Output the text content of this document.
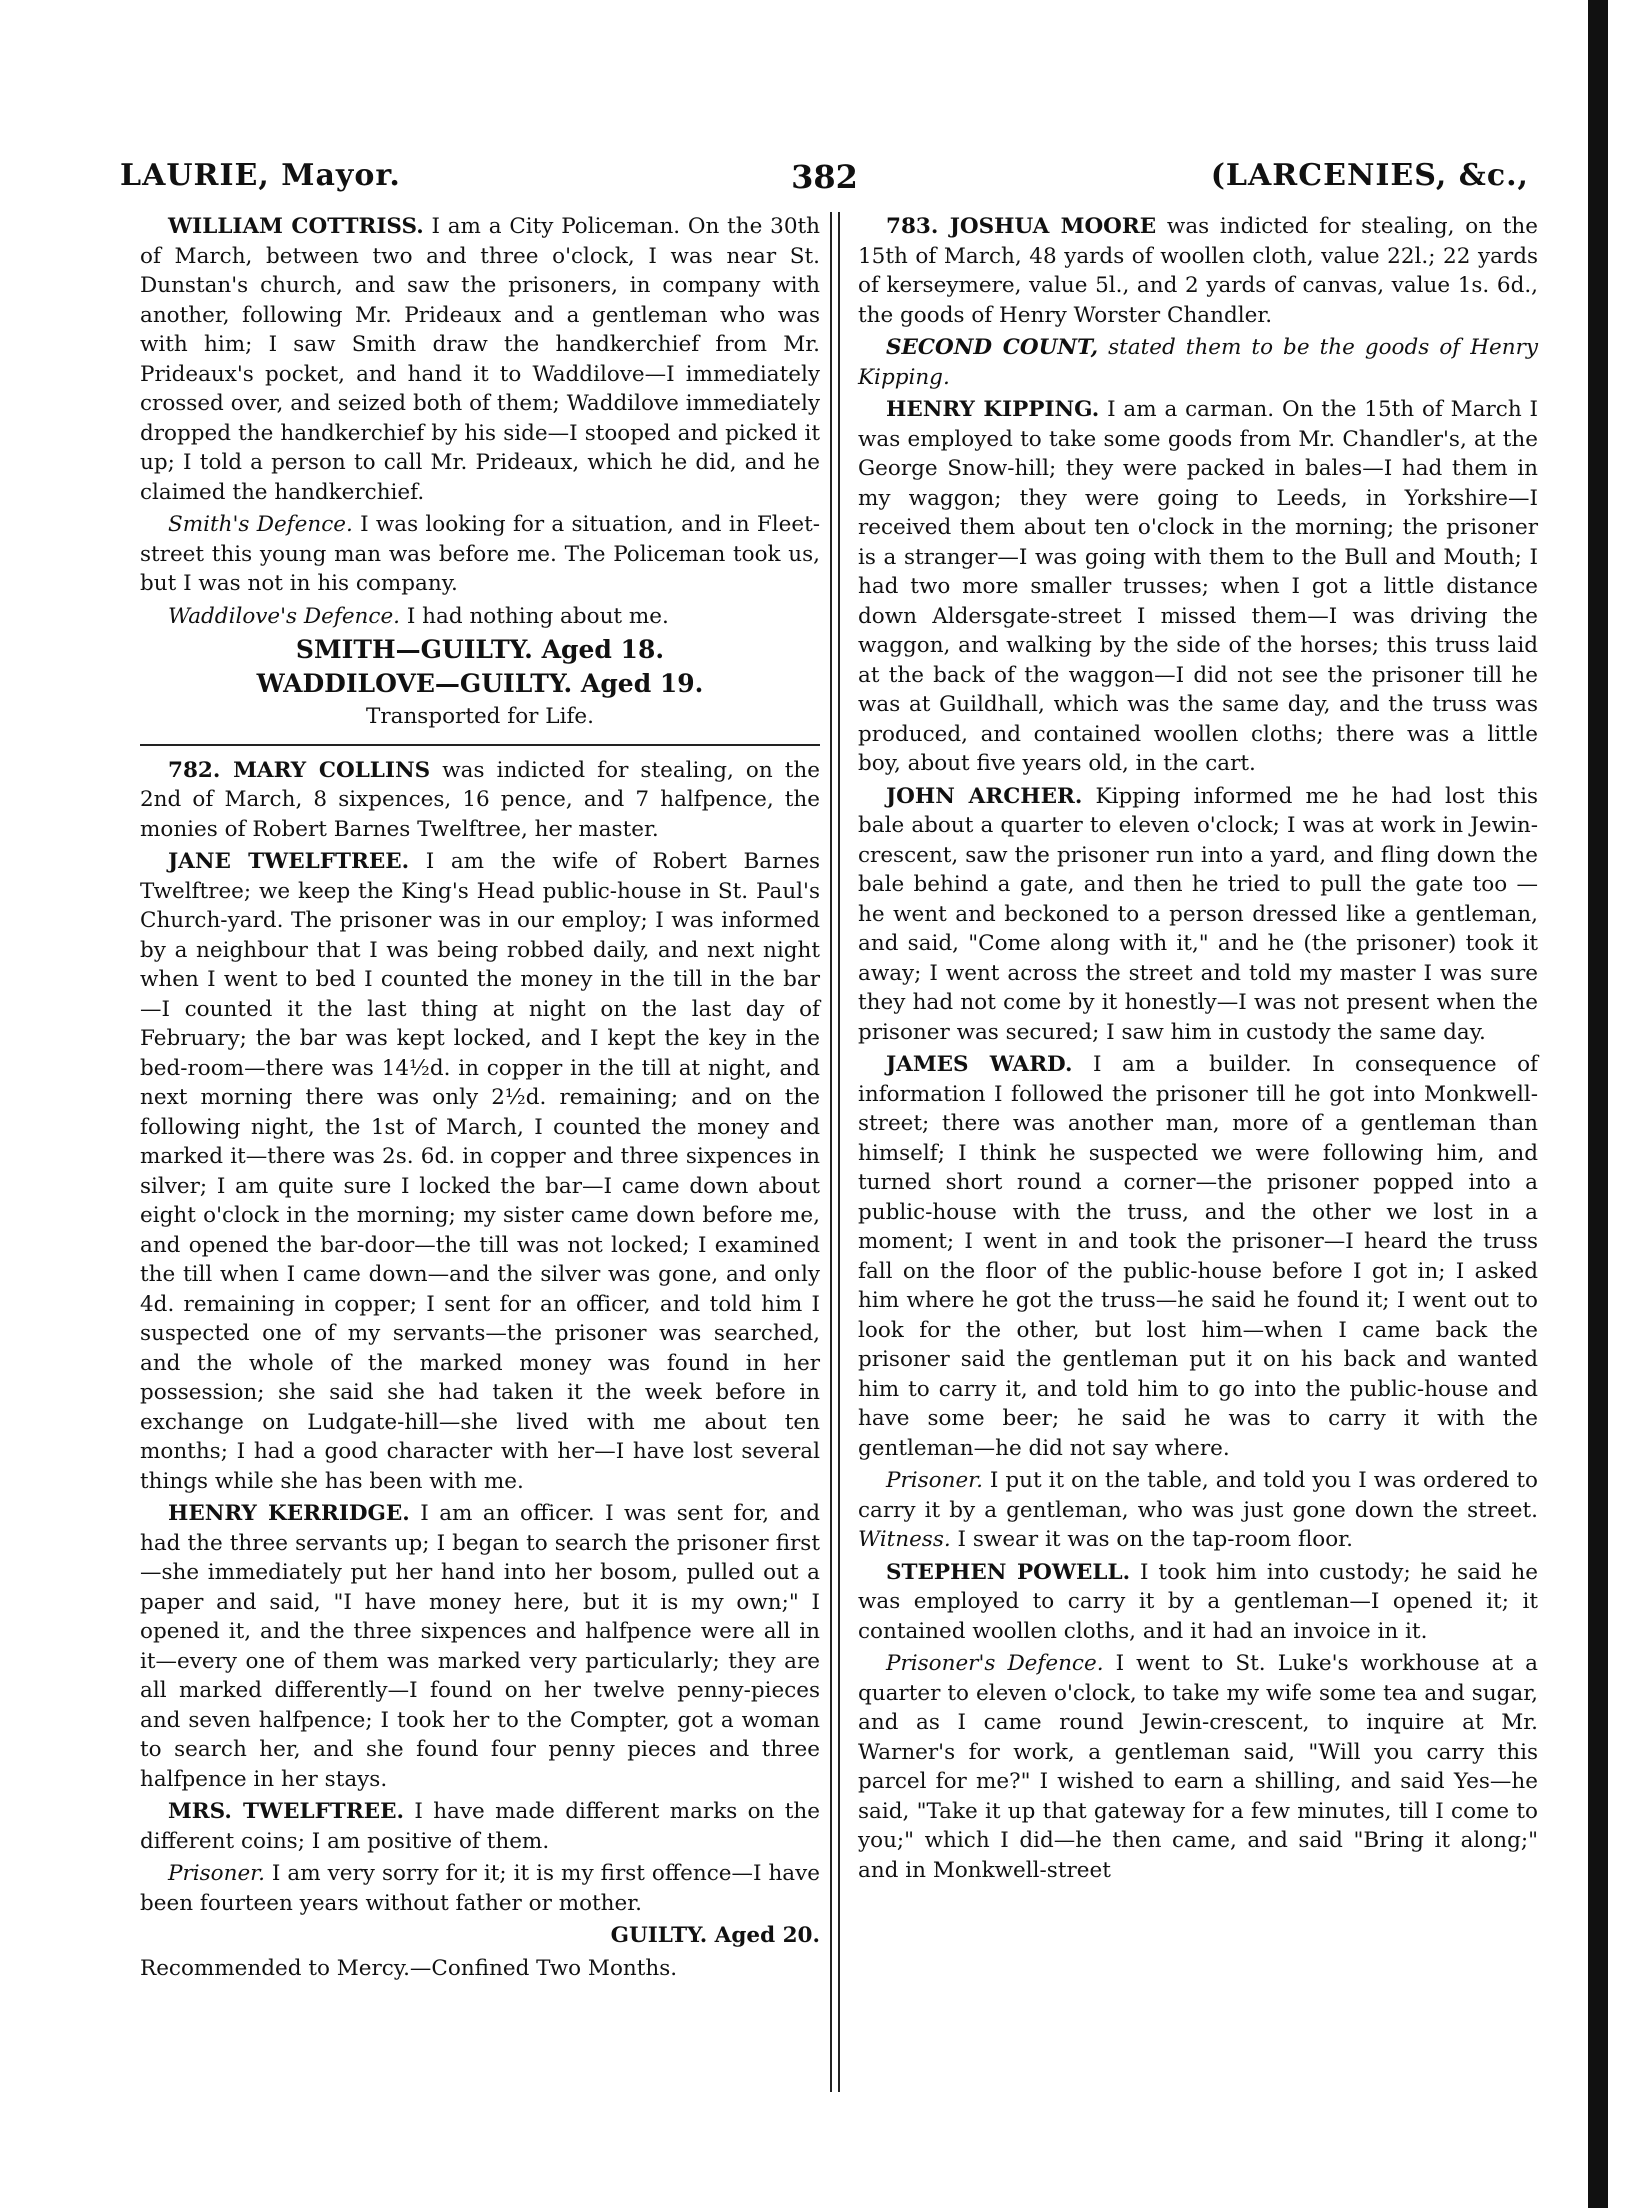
LAURIE, Mayor.	382	(LARCENIES, &c.,

WILLIAM COTTRISS. I am a City Policeman. On the 30th of March, between two and three o'clock, I was near St. Dunstan's church, and saw the prisoners, in company with another, following Mr. Prideaux and a gentleman who was with him; I saw Smith draw the handkerchief from Mr. Prideaux's pocket, and hand it to Waddilove—I immediately crossed over, and seized both of them; Waddilove immediately dropped the handkerchief by his side—I stooped and picked it up; I told a person to call Mr. Prideaux, which he did, and he claimed the handkerchief.

Smith's Defence. I was looking for a situation, and in Fleet-street this young man was before me. The Policeman took us, but I was not in his company.

Waddilove's Defence. I had nothing about me.

SMITH—GUILTY. Aged 18.

WADDILOVE—GUILTY. Aged 19.

Transported for Life.

782. MARY COLLINS was indicted for stealing, on the 2nd of March, 8 sixpences, 16 pence, and 7 halfpence, the monies of Robert Barnes Twelftree, her master.

JANE TWELFTREE. I am the wife of Robert Barnes Twelftree; we keep the King's Head public-house in St. Paul's Church-yard. The prisoner was in our employ; I was informed by a neighbour that I was being robbed daily, and next night when I went to bed I counted the money in the till in the bar—I counted it the last thing at night on the last day of February; the bar was kept locked, and I kept the key in the bed-room—there was 14½d. in copper in the till at night, and next morning there was only 2½d. remaining; and on the following night, the 1st of March, I counted the money and marked it—there was 2s. 6d. in copper and three sixpences in silver; I am quite sure I locked the bar—I came down about eight o'clock in the morning; my sister came down before me, and opened the bar-door—the till was not locked; I examined the till when I came down—and the silver was gone, and only 4d. remaining in copper; I sent for an officer, and told him I suspected one of my servants—the prisoner was searched, and the whole of the marked money was found in her possession; she said she had taken it the week before in exchange on Ludgate-hill—she lived with me about ten months; I had a good character with her—I have lost several things while she has been with me.

HENRY KERRIDGE. I am an officer. I was sent for, and had the three servants up; I began to search the prisoner first—she immediately put her hand into her bosom, pulled out a paper and said, "I have money here, but it is my own;" I opened it, and the three sixpences and halfpence were all in it—every one of them was marked very particularly; they are all marked differently—I found on her twelve penny-pieces and seven halfpence; I took her to the Compter, got a woman to search her, and she found four penny pieces and three halfpence in her stays.

MRS. TWELFTREE. I have made different marks on the different coins; I am positive of them.

Prisoner. I am very sorry for it; it is my first offence—I have been fourteen years without father or mother.

GUILTY. Aged 20.

Recommended to Mercy.—Confined Two Months.

783. JOSHUA MOORE was indicted for stealing, on the 15th of March, 48 yards of woollen cloth, value 22l.; 22 yards of kerseymere, value 5l., and 2 yards of canvas, value 1s. 6d., the goods of Henry Worster Chandler.

SECOND COUNT, stated them to be the goods of Henry Kipping.

HENRY KIPPING. I am a carman. On the 15th of March I was employed to take some goods from Mr. Chandler's, at the George Snow-hill; they were packed in bales—I had them in my waggon; they were going to Leeds, in Yorkshire—I received them about ten o'clock in the morning; the prisoner is a stranger—I was going with them to the Bull and Mouth; I had two more smaller trusses; when I got a little distance down Aldersgate-street I missed them—I was driving the waggon, and walking by the side of the horses; this truss laid at the back of the waggon—I did not see the prisoner till he was at Guildhall, which was the same day, and the truss was produced, and contained woollen cloths; there was a little boy, about five years old, in the cart.

JOHN ARCHER. Kipping informed me he had lost this bale about a quarter to eleven o'clock; I was at work in Jewin-crescent, saw the prisoner run into a yard, and fling down the bale behind a gate, and then he tried to pull the gate too — he went and beckoned to a person dressed like a gentleman, and said, "Come along with it," and he (the prisoner) took it away; I went across the street and told my master I was sure they had not come by it honestly—I was not present when the prisoner was secured; I saw him in custody the same day.

JAMES WARD. I am a builder. In consequence of information I followed the prisoner till he got into Monkwell-street; there was another man, more of a gentleman than himself; I think he suspected we were following him, and turned short round a corner—the prisoner popped into a public-house with the truss, and the other we lost in a moment; I went in and took the prisoner—I heard the truss fall on the floor of the public-house before I got in; I asked him where he got the truss—he said he found it; I went out to look for the other, but lost him—when I came back the prisoner said the gentleman put it on his back and wanted him to carry it, and told him to go into the public-house and have some beer; he said he was to carry it with the gentleman—he did not say where.

Prisoner. I put it on the table, and told you I was ordered to carry it by a gentleman, who was just gone down the street. Witness. I swear it was on the tap-room floor.

STEPHEN POWELL. I took him into custody; he said he was employed to carry it by a gentleman—I opened it; it contained woollen cloths, and it had an invoice in it.

Prisoner's Defence. I went to St. Luke's workhouse at a quarter to eleven o'clock, to take my wife some tea and sugar, and as I came round Jewin-crescent, to inquire at Mr. Warner's for work, a gentleman said, "Will you carry this parcel for me?" I wished to earn a shilling, and said Yes—he said, "Take it up that gateway for a few minutes, till I come to you;" which I did—he then came, and said "Bring it along;" and in Monkwell-street
